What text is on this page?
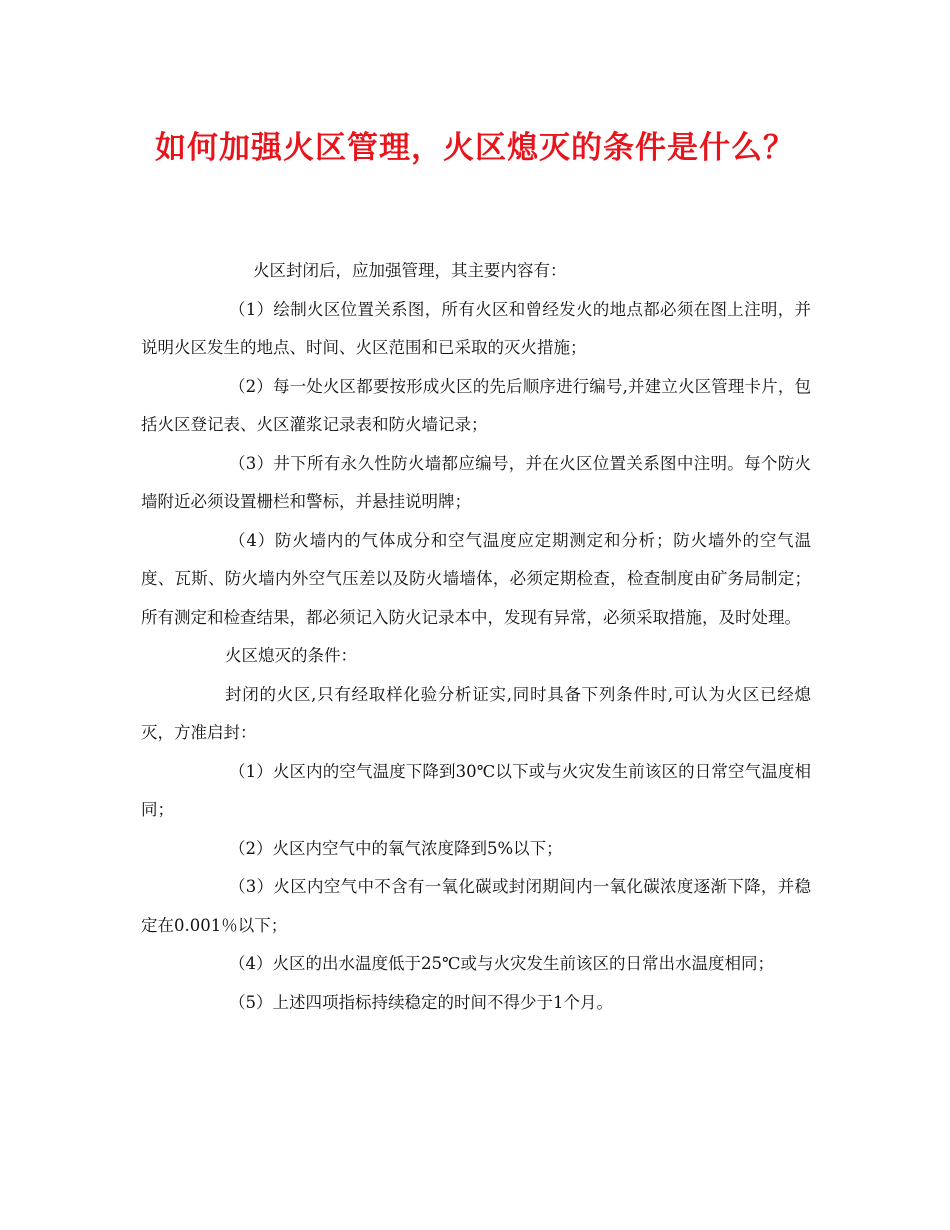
如何加强火区管理，火区熄灭的条件是什么？

火区封闭后，应加强管理，其主要内容有：

（1）绘制火区位置关系图，所有火区和曾经发火的地点都必须在图上注明，并说明火区发生的地点、时间、火区范围和已采取的灭火措施；

（2）每一处火区都要按形成火区的先后顺序进行编号,并建立火区管理卡片，包括火区登记表、火区灌浆记录表和防火墙记录；

（3）井下所有永久性防火墙都应编号，并在火区位置关系图中注明。每个防火墙附近必须设置栅栏和警标，并悬挂说明牌；

（4）防火墙内的气体成分和空气温度应定期测定和分析；防火墙外的空气温度、瓦斯、防火墙内外空气压差以及防火墙墙体，必须定期检查，检查制度由矿务局制定；所有测定和检查结果，都必须记入防火记录本中，发现有异常，必须采取措施，及时处理。

火区熄灭的条件：

封闭的火区,只有经取样化验分析证实,同时具备下列条件时,可认为火区已经熄灭，方准启封：

（1）火区内的空气温度下降到30℃以下或与火灾发生前该区的日常空气温度相同；

（2）火区内空气中的氧气浓度降到5%以下；

（3）火区内空气中不含有一氧化碳或封闭期间内一氧化碳浓度逐渐下降，并稳定在0.001％以下；

（4）火区的出水温度低于25℃或与火灾发生前该区的日常出水温度相同；

（5）上述四项指标持续稳定的时间不得少于1个月。
